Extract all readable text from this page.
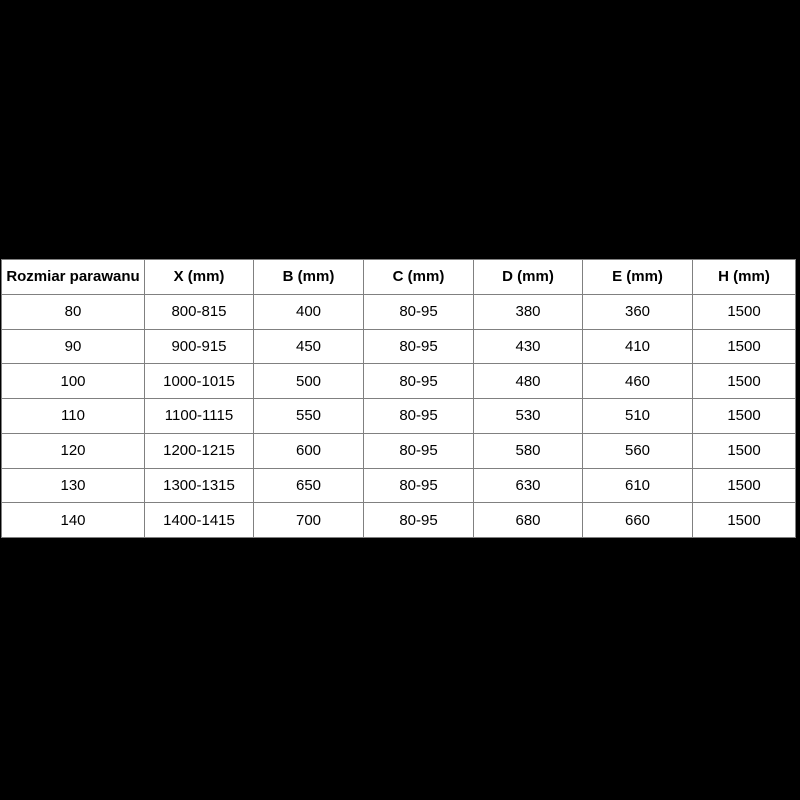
Rozmiar parawanu	X (mm)	B (mm)	C (mm)	D (mm)	E (mm)	H (mm)
80	800-815	400	80-95	380	360	1500
90	900-915	450	80-95	430	410	1500
100	1000-1015	500	80-95	480	460	1500
110	1100-1115	550	80-95	530	510	1500
120	1200-1215	600	80-95	580	560	1500
130	1300-1315	650	80-95	630	610	1500
140	1400-1415	700	80-95	680	660	1500
